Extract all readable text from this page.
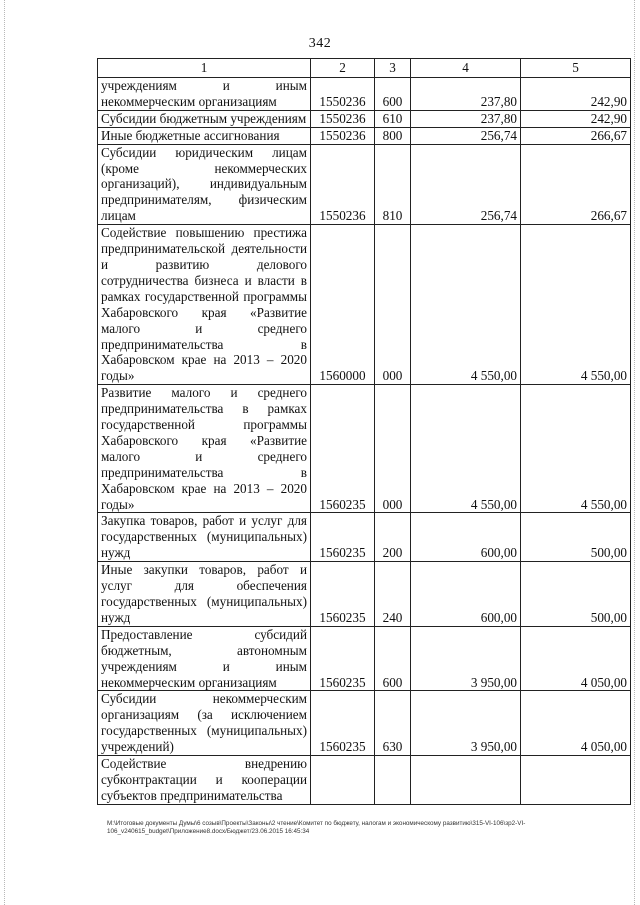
342
1	2	3	4	5
учреждениям и иным некоммерческим организациям	1550236	600	237,80	242,90
Субсидии бюджетным учреждениям	1550236	610	237,80	242,90
Иные бюджетные ассигнования	1550236	800	256,74	266,67
Субсидии юридическим лицам (кроме некоммерческих организаций), индивидуальным предпринимателям, физическим лицам	1550236	810	256,74	266,67
Содействие повышению престижа предпринимательской деятельности и развитию делового сотрудничества бизнеса и власти в рамках государственной программы Хабаровского края «Развитие малого и среднего предпринимательства в Хабаровском крае на 2013 – 2020 годы»	1560000	000	4 550,00	4 550,00
Развитие малого и среднего предпринимательства в рамках государственной программы Хабаровского края «Развитие малого и среднего предпринимательства в Хабаровском крае на 2013 – 2020 годы»	1560235	000	4 550,00	4 550,00
Закупка товаров, работ и услуг для государственных (муниципальных) нужд	1560235	200	600,00	500,00
Иные закупки товаров, работ и услуг для обеспечения государственных (муниципальных) нужд	1560235	240	600,00	500,00
Предоставление субсидий бюджетным, автономным учреждениям и иным некоммерческим организациям	1560235	600	3 950,00	4 050,00
Субсидии некоммерческим организациям (за исключением государственных (муниципальных) учреждений)	1560235	630	3 950,00	4 050,00
Содействие внедрению субконтрактации и кооперации субъектов предпринимательства				
M:\Итоговые документы Думы\6 созыв\Проекты\Законы\2 чтение\Комитет по бюджету, налогам и экономическому развитию\315-VI-106\зр2-VI-106_v240615_budget\Приложение8.docx/Бюджет/23.06.2015 16:45:34
